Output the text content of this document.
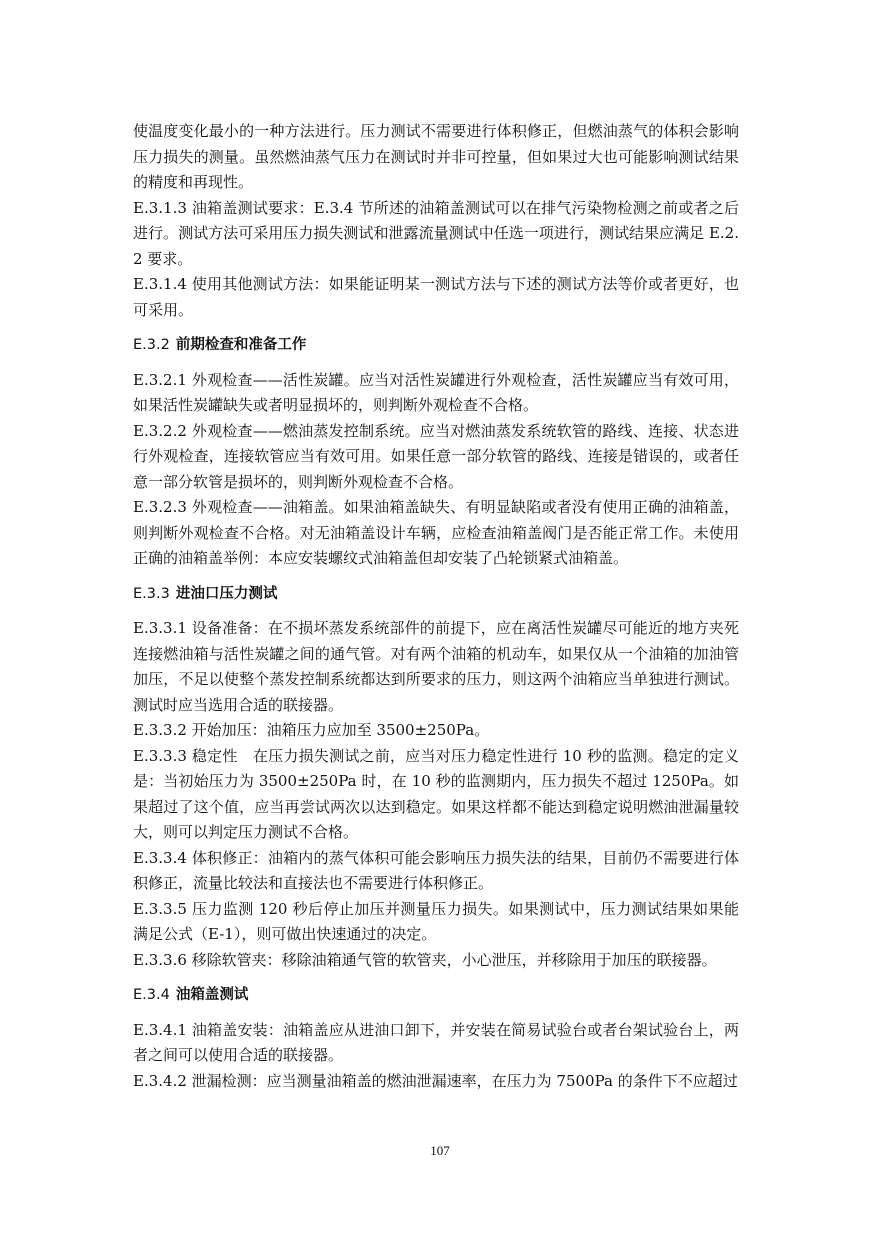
使温度变化最小的一种方法进行。压力测试不需要进行体积修正，但燃油蒸气的体积会影响压力损失的测量。虽然燃油蒸气压力在测试时并非可控量，但如果过大也可能影响测试结果的精度和再现性。

E.3.1.3 油箱盖测试要求：E.3.4 节所述的油箱盖测试可以在排气污染物检测之前或者之后进行。测试方法可采用压力损失测试和泄露流量测试中任选一项进行，测试结果应满足 E.2.2 要求。

E.3.1.4 使用其他测试方法：如果能证明某一测试方法与下述的测试方法等价或者更好，也可采用。

E.3.2 前期检查和准备工作

E.3.2.1 外观检查——活性炭罐。应当对活性炭罐进行外观检查，活性炭罐应当有效可用，如果活性炭罐缺失或者明显损坏的，则判断外观检查不合格。

E.3.2.2 外观检查——燃油蒸发控制系统。应当对燃油蒸发系统软管的路线、连接、状态进行外观检查，连接软管应当有效可用。如果任意一部分软管的路线、连接是错误的，或者任意一部分软管是损坏的，则判断外观检查不合格。

E.3.2.3 外观检查——油箱盖。如果油箱盖缺失、有明显缺陷或者没有使用正确的油箱盖，则判断外观检查不合格。对无油箱盖设计车辆，应检查油箱盖阀门是否能正常工作。未使用正确的油箱盖举例：本应安装螺纹式油箱盖但却安装了凸轮锁紧式油箱盖。

E.3.3 进油口压力测试

E.3.3.1 设备准备：在不损坏蒸发系统部件的前提下，应在离活性炭罐尽可能近的地方夹死连接燃油箱与活性炭罐之间的通气管。对有两个油箱的机动车，如果仅从一个油箱的加油管加压，不足以使整个蒸发控制系统都达到所要求的压力，则这两个油箱应当单独进行测试。测试时应当选用合适的联接器。

E.3.3.2 开始加压：油箱压力应加至 3500±250Pa。

E.3.3.3 稳定性　在压力损失测试之前，应当对压力稳定性进行 10 秒的监测。稳定的定义是：当初始压力为 3500±250Pa 时，在 10 秒的监测期内，压力损失不超过 1250Pa。如果超过了这个值，应当再尝试两次以达到稳定。如果这样都不能达到稳定说明燃油泄漏量较大，则可以判定压力测试不合格。

E.3.3.4 体积修正：油箱内的蒸气体积可能会影响压力损失法的结果，目前仍不需要进行体积修正，流量比较法和直接法也不需要进行体积修正。

E.3.3.5 压力监测 120 秒后停止加压并测量压力损失。如果测试中，压力测试结果如果能满足公式（E-1），则可做出快速通过的决定。

E.3.3.6 移除软管夹：移除油箱通气管的软管夹，小心泄压，并移除用于加压的联接器。

E.3.4 油箱盖测试

E.3.4.1 油箱盖安装：油箱盖应从进油口卸下，并安装在简易试验台或者台架试验台上，两者之间可以使用合适的联接器。

E.3.4.2 泄漏检测：应当测量油箱盖的燃油泄漏速率，在压力为 7500Pa 的条件下不应超过

107
